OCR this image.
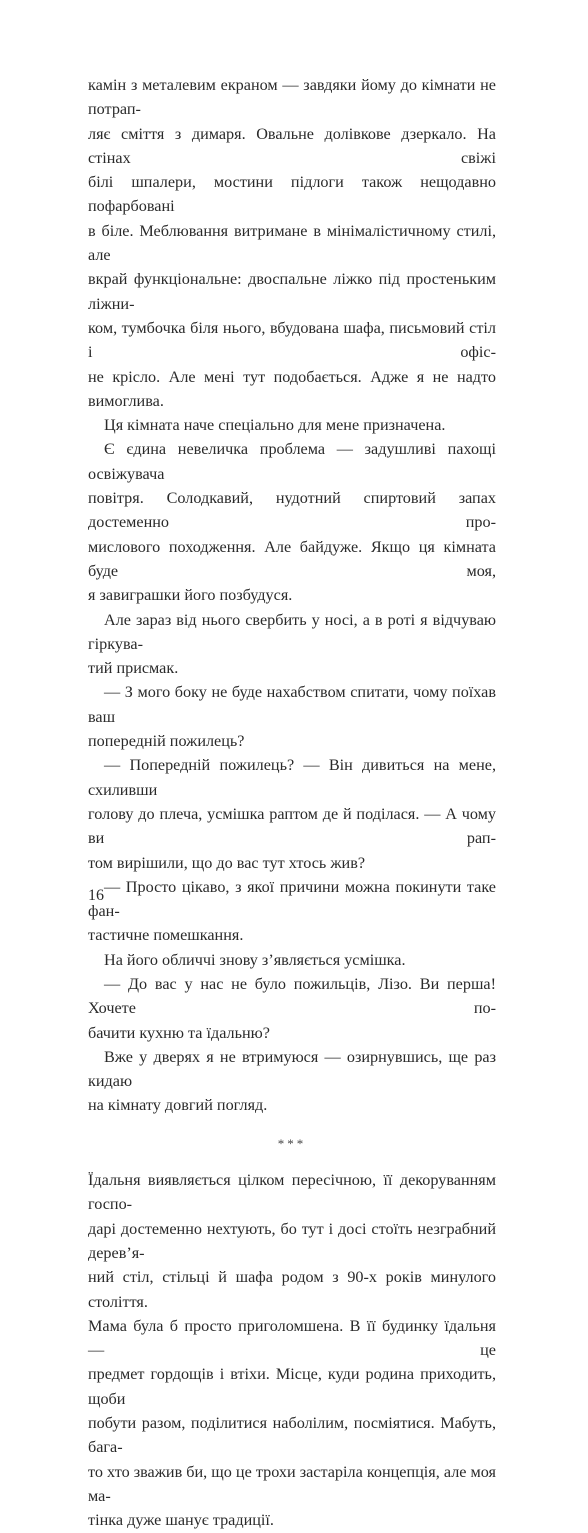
камін з металевим екраном — завдяки йому до кімнати не потрап-

ляє сміття з димаря. Овальне долівкове дзеркало. На стінах свіжі

білі шпалери, мостини підлоги також нещодавно пофарбовані

в біле. Меблювання витримане в мінімалістичному стилі, але

вкрай функціональне: двоспальне ліжко під простеньким ліжни-

ком, тумбочка біля нього, вбудована шафа, письмовий стіл і офіс-

не крісло. Але мені тут подобається. Адже я не надто вимоглива.

Ця кімната наче спеціально для мене призначена.

Є єдина невеличка проблема — задушливі пахощі освіжувача

повітря. Солодкавий, нудотний спиртовий запах достеменно про-

мислового походження. Але байдуже. Якщо ця кімната буде моя,

я завиграшки його позбудуся.

Але зараз від нього свербить у носі, а в роті я відчуваю гіркува-

тий присмак.

— З мого боку не буде нахабством спитати, чому поїхав ваш

попередній пожилець?

— Попередній пожилець? — Він дивиться на мене, схиливши

голову до плеча, усмішка раптом де й поділася. — А чому ви рап-

том вирішили, що до вас тут хтось жив?

— Просто цікаво, з якої причини можна покинути таке фан-

тастичне помешкання.

На його обличчі знову з’являється усмішка.

— До вас у нас не було пожильців, Лізо. Ви перша! Хочете по-

бачити кухню та їдальню?

Вже у дверях я не втримуюся — озирнувшись, ще раз кидаю

на кімнату довгий погляд.

***

Їдальня виявляється цілком пересічною, її декоруванням госпо-

дарі достеменно нехтують, бо тут і досі стоїть незграбний дерев’я-

ний стіл, стільці й шафа родом з 90-х років минулого століття.

Мама була б просто приголомшена. В її будинку їдальня — це

предмет гордощів і втіхи. Місце, куди родина приходить, щоби

побути разом, поділитися наболілим, посміятися. Мабуть, бага-

то хто зважив би, що це трохи застаріла концепція, але моя ма-

тінка дуже шанує традиції.

16
